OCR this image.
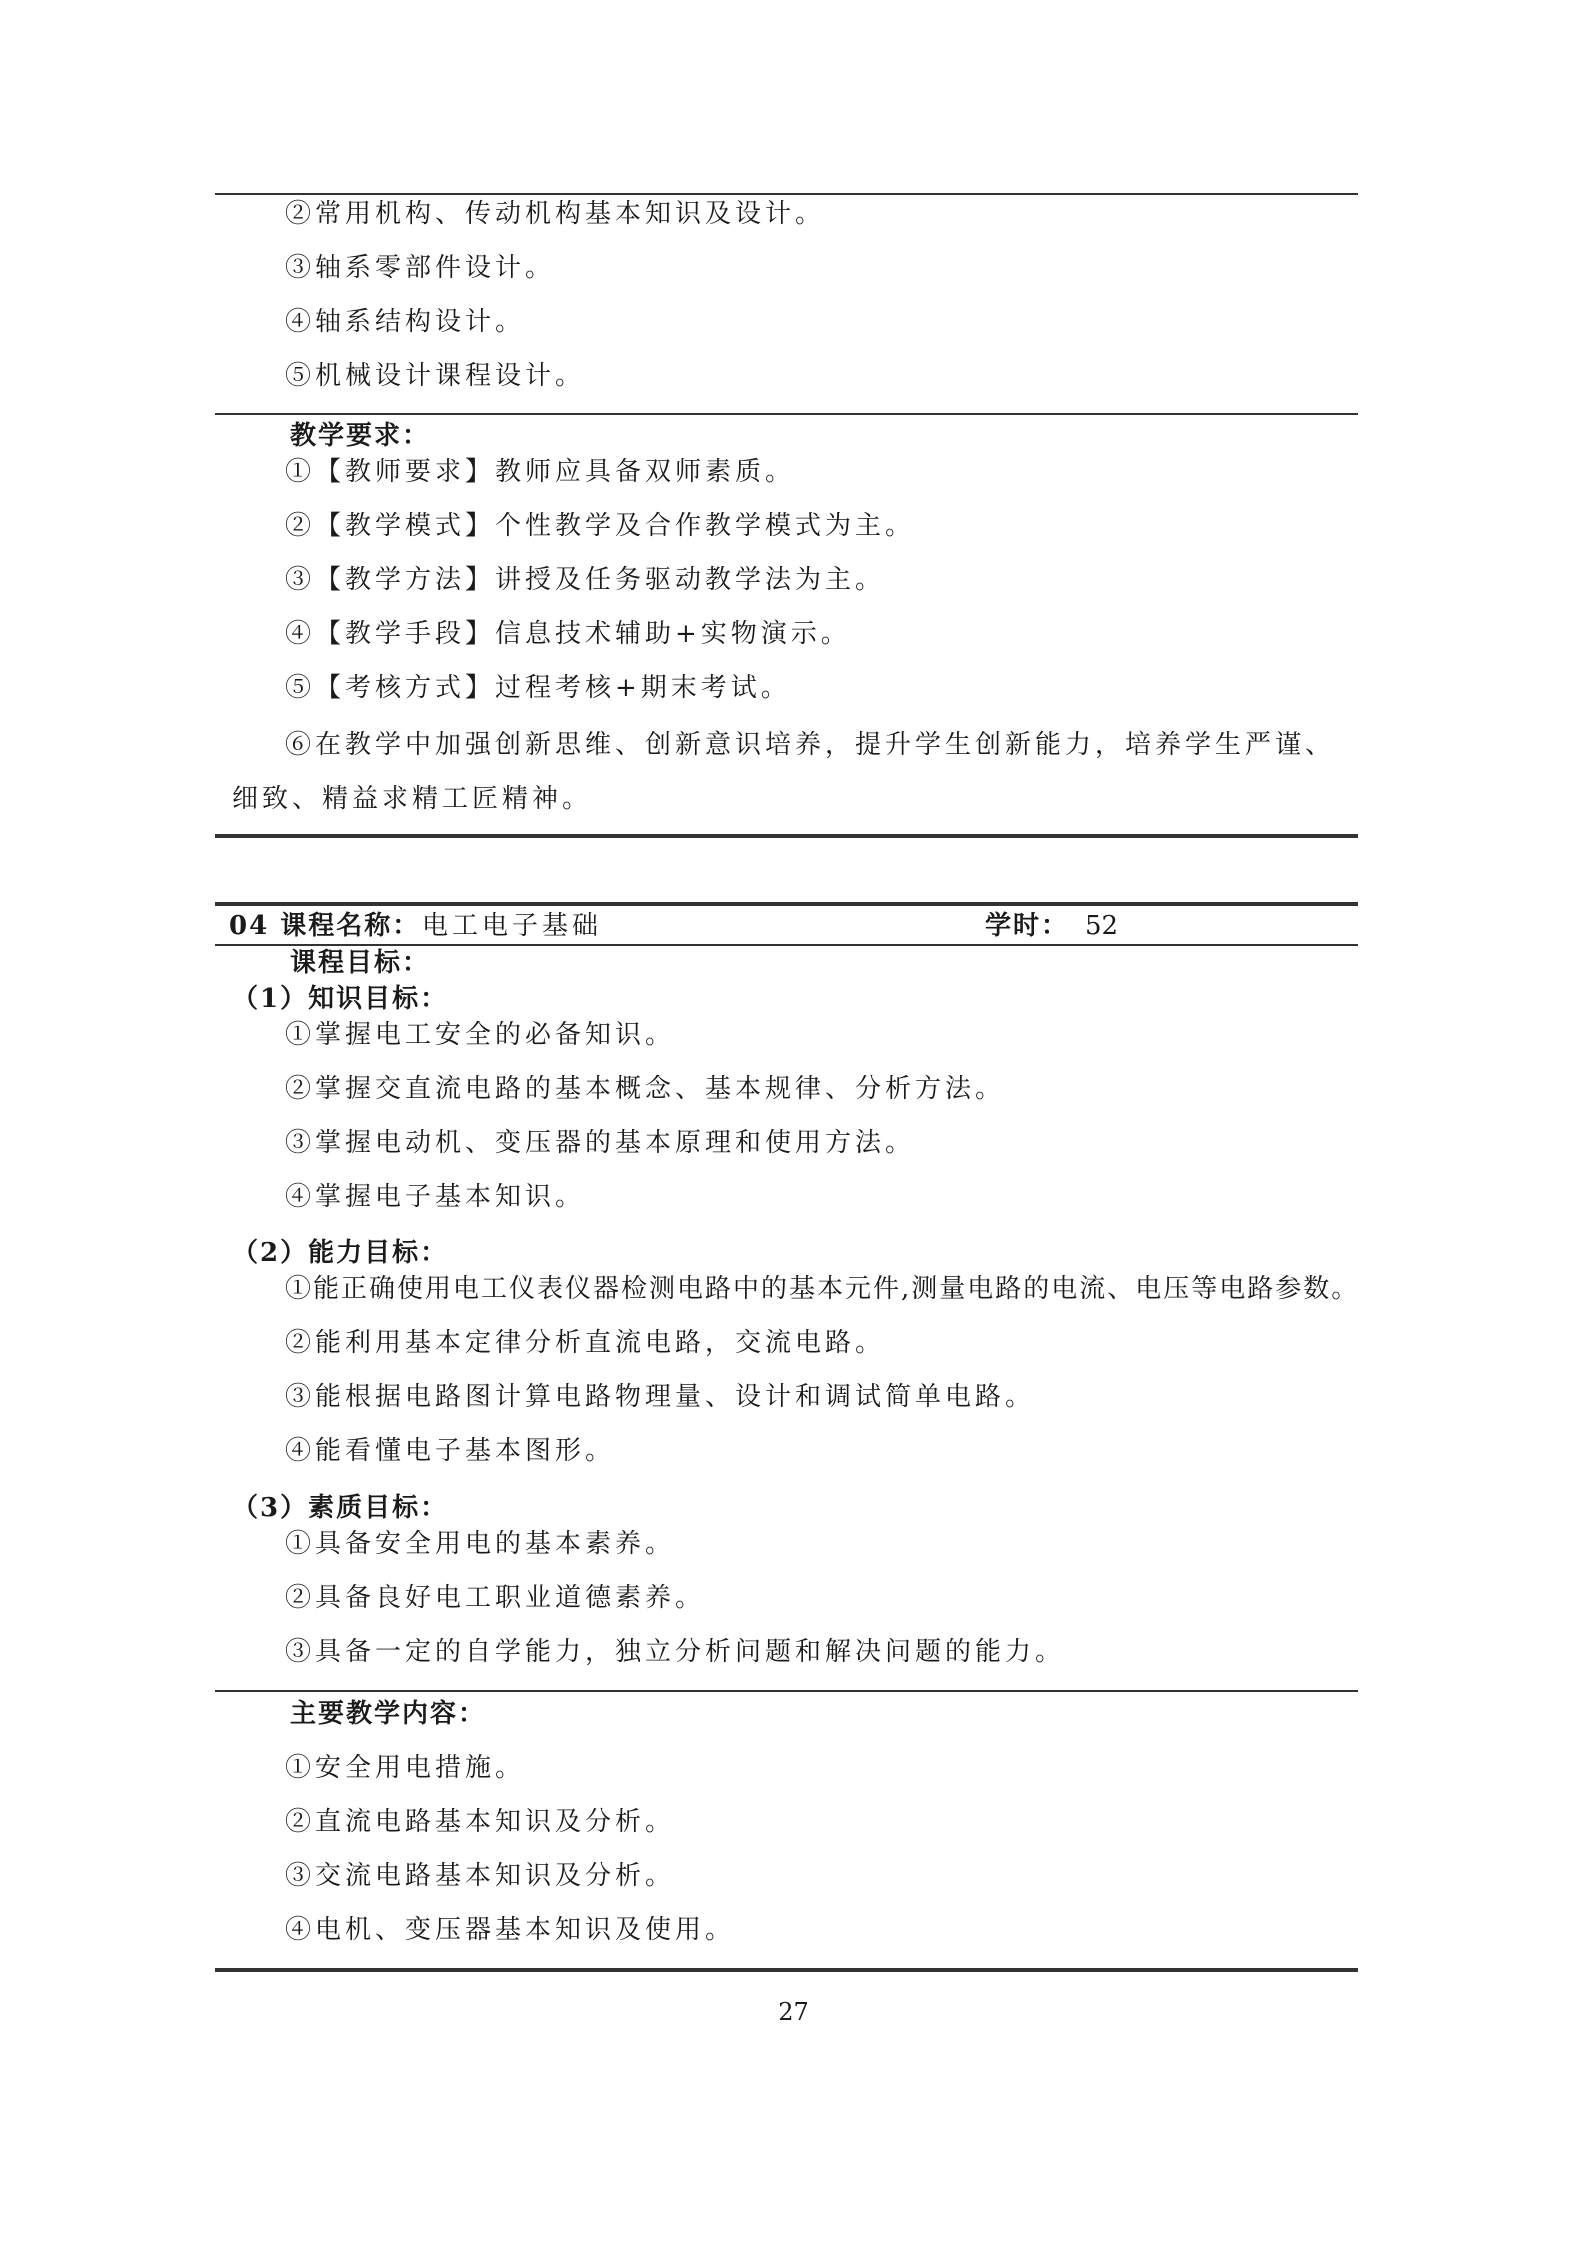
②常用机构、传动机构基本知识及设计。
③轴系零部件设计。
④轴系结构设计。
⑤机械设计课程设计。
教学要求：
①【教师要求】教师应具备双师素质。
②【教学模式】个性教学及合作教学模式为主。
③【教学方法】讲授及任务驱动教学法为主。
④【教学手段】信息技术辅助+实物演示。
⑤【考核方式】过程考核+期末考试。
⑥在教学中加强创新思维、创新意识培养，提升学生创新能力，培养学生严谨、细致、精益求精工匠精神。
04 课程名称： 电工电子基础	学时： 52
课程目标：
（1）知识目标：
①掌握电工安全的必备知识。
②掌握交直流电路的基本概念、基本规律、分析方法。
③掌握电动机、变压器的基本原理和使用方法。
④掌握电子基本知识。
（2）能力目标：
①能正确使用电工仪表仪器检测电路中的基本元件,测量电路的电流、电压等电路参数。
②能利用基本定律分析直流电路，交流电路。
③能根据电路图计算电路物理量、设计和调试简单电路。
④能看懂电子基本图形。
（3）素质目标：
①具备安全用电的基本素养。
②具备良好电工职业道德素养。
③具备一定的自学能力，独立分析问题和解决问题的能力。
主要教学内容：
①安全用电措施。
②直流电路基本知识及分析。
③交流电路基本知识及分析。
④电机、变压器基本知识及使用。
27
